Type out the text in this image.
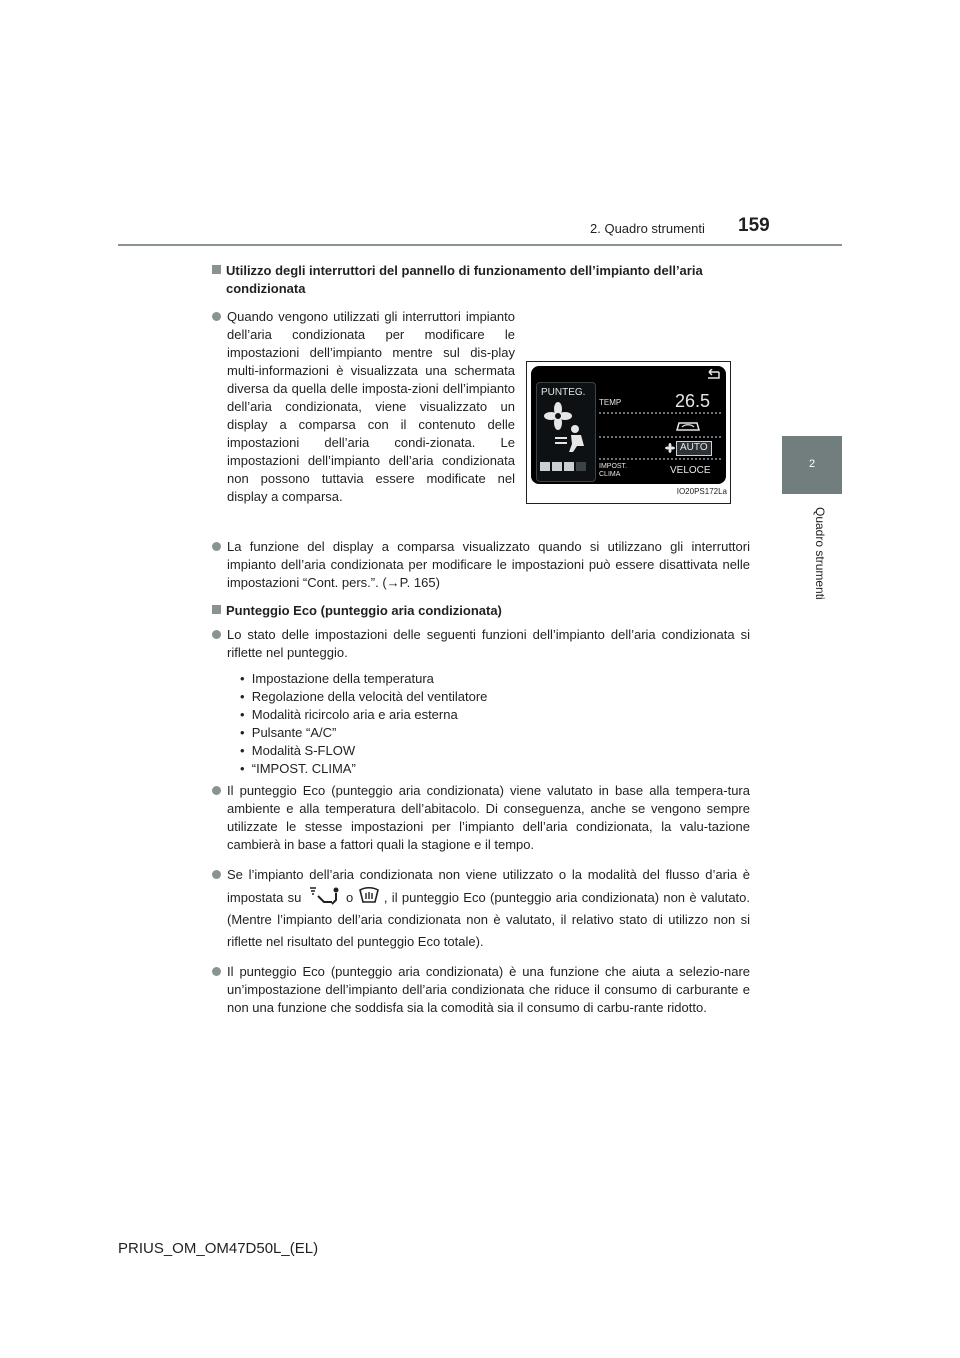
2. Quadro strumenti 159
2
Quadro strumenti
Utilizzo degli interruttori del pannello di funzionamento dell’impianto dell’aria condizionata
Quando vengono utilizzati gli interruttori impianto dell’aria condizionata per modificare le impostazioni dell’impianto mentre sul dis-play multi-informazioni è visualizzata una schermata diversa da quella delle imposta-zioni dell’impianto dell’aria condizionata, viene visualizzato un display a comparsa con il contenuto delle impostazioni dell’aria condi-zionata. Le impostazioni dell’impianto dell’aria condizionata non possono tuttavia essere modificate nel display a comparsa.
PUNTEG.
TEMP	26.5
AUTO
IMPOST.
CLIMA	VELOCE
IO20PS172La
La funzione del display a comparsa visualizzato quando si utilizzano gli interruttori impianto dell’aria condizionata per modificare le impostazioni può essere disattivata nelle impostazioni “Cont. pers.”. (→P. 165)
Punteggio Eco (punteggio aria condizionata)
Lo stato delle impostazioni delle seguenti funzioni dell’impianto dell’aria condizionata si riflette nel punteggio.
•  Impostazione della temperatura
•  Regolazione della velocità del ventilatore
•  Modalità ricircolo aria e aria esterna
•  Pulsante “A/C”
•  Modalità S-FLOW
•  “IMPOST. CLIMA”
Il punteggio Eco (punteggio aria condizionata) viene valutato in base alla tempera-tura ambiente e alla temperatura dell’abitacolo. Di conseguenza, anche se vengono sempre utilizzate le stesse impostazioni per l’impianto dell’aria condizionata, la valu-tazione cambierà in base a fattori quali la stagione e il tempo.
Se l’impianto dell’aria condizionata non viene utilizzato o la modalità del flusso d’aria è impostata su	o , il punteggio Eco (punteggio aria condizionata) non è valutato. (Mentre l’impianto dell’aria condizionata non è valutato, il relativo stato di utilizzo non si riflette nel risultato del punteggio Eco totale).
Il punteggio Eco (punteggio aria condizionata) è una funzione che aiuta a selezio-nare un’impostazione dell’impianto dell’aria condizionata che riduce il consumo di carburante e non una funzione che soddisfa sia la comodità sia il consumo di carbu-rante ridotto.
PRIUS_OM_OM47D50L_(EL)
